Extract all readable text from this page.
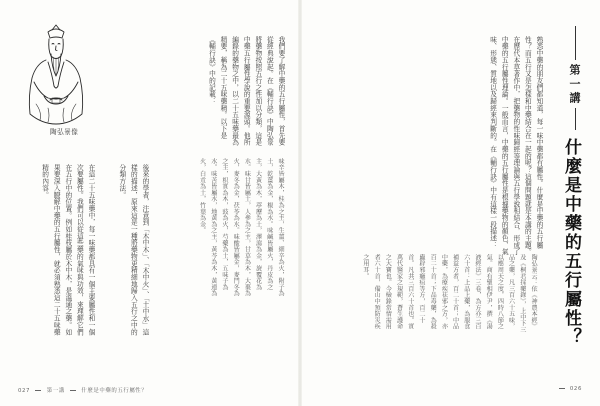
陶弘景像	我們要了解中藥的五行屬性，首先要從經典說起。在《輔行訣》中陶弘景將藥物按照五行之性加以分類，這是中藥五行屬性學說的重要源頭。他所編錄的藥物之中，以二十五味藥最為精要，稱為二十五味藥精。以下是《輔行訣》中的記載：

味辛皆屬木，桂為之主，生薑、細辛為火，附子為土，乾薑為金，椒為水。味鹹皆屬火，丹皮為之主，大黃為木，葶藶為土，澤瀉為金，旋覆花為水。味甘皆屬土，人參為之主，甘草為木，大棗為火，麥冬為金，茯苓為水。味酸皆屬金，麥門冬為之主，枳實為木，豉為火，芍藥為土，五味子為水。味苦皆屬水，地黃為之主，黃芩為木，黃連為火，白朮為土，竹葉為金。

後來的學者，注意到「木中木」、「木中火」、「土中水」這樣的描述，原來這是一種將藥物更精細地歸入五行之中的分類方法。

在這二十五味藥中，每一味藥都具有一個主要屬性和一個次要屬性。我們可以從這些藥的氣味與功效，來理解它們在五行中的位置。例如桂枝屬於木中木，是溫通之藥。如果要深入瞭解中藥的五行屬性，就必須熟悉這二十五味藥精的內容。

027	第一講	什麼是中藥的五行屬性？
第一講
什麼是中藥的五行屬性？

熟悉中藥的朋友們都知道，每一味中藥都有屬性。什麼是中藥的五行屬性？而五行又是怎樣和中藥結合在一起的呢？這個問題就是本講的主題。在歷代本草著作中，把藥物的性味歸經等理論與五行學說相結合，形成了中藥的五行屬性理論。一般而言，中藥的五行屬性是根據藥物的顏色、氣味、形態、質地以及歸經來判斷的。在《輔行訣》中有這樣一段描述：

陶弘景云：依《神農本經》及《桐君採藥錄》，上中下三品之藥，凡三百六十五味，以應周天之度，四時八節之氣。商有聖相伊尹，撰《湯液經法》三卷，為方亦三百六十首：上品上藥，為服食補益方者，百二十首；中品中藥，為療疾祛邪之方，亦百二十首；下品毒藥，為殺蟲辟邪癰疽等方，百二十首。凡共三百六十首也。實萬代醫家之規範，蒼生護命之大寶也。今檢錄常情需用者六十首，備山中預防災疾之用耳。

026
